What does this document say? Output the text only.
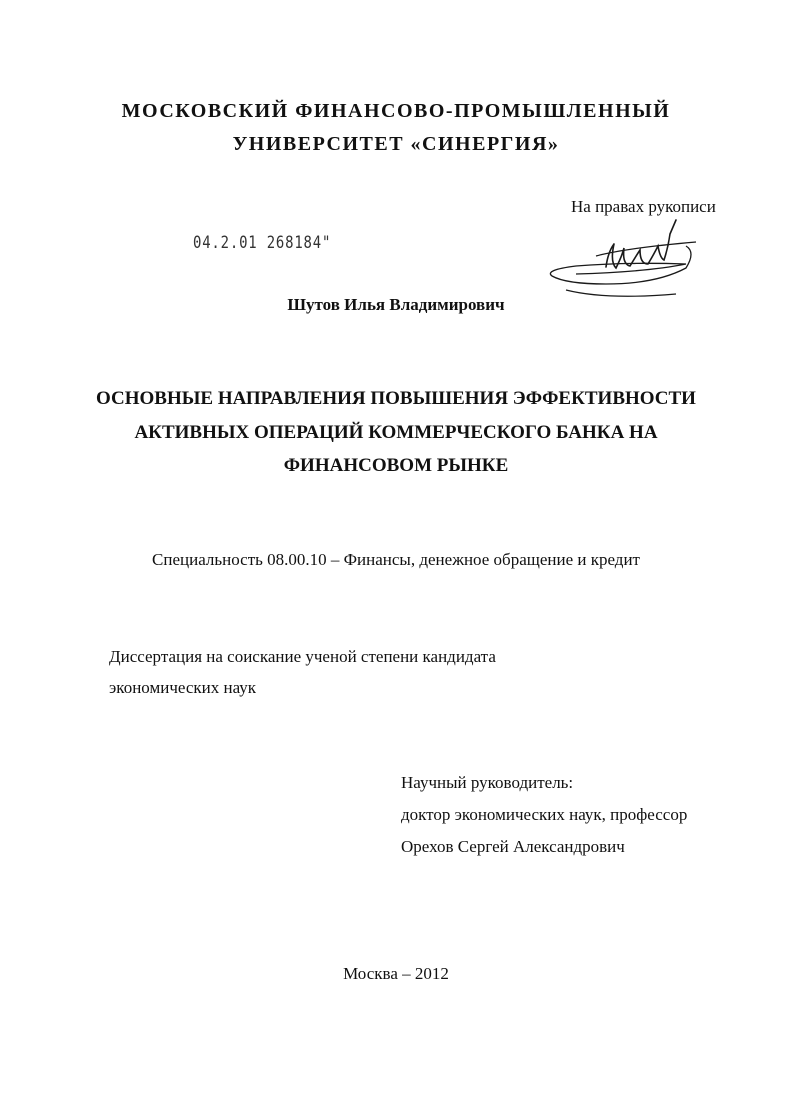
МОСКОВСКИЙ ФИНАНСОВО-ПРОМЫШЛЕННЫЙ
УНИВЕРСИТЕТ «СИНЕРГИЯ»
На правах рукописи
04.2.01 268184"
Шутов Илья Владимирович
ОСНОВНЫЕ НАПРАВЛЕНИЯ ПОВЫШЕНИЯ ЭФФЕКТИВНОСТИ
АКТИВНЫХ ОПЕРАЦИЙ КОММЕРЧЕСКОГО БАНКА НА
ФИНАНСОВОМ РЫНКЕ
Специальность 08.00.10 – Финансы, денежное обращение и кредит
Диссертация на соискание ученой степени кандидата
экономических наук
Научный руководитель:
доктор экономических наук, профессор
Орехов Сергей Александрович
Москва – 2012
